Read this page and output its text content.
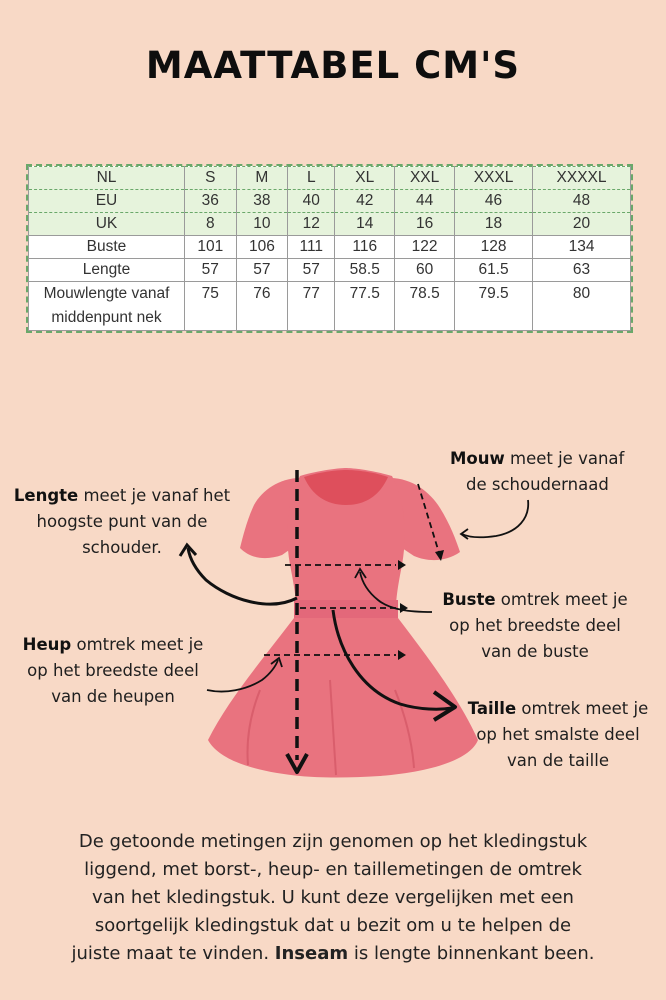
MAATTABEL CM'S
NL	S	M	L	XL	XXL	XXXL	XXXXL
EU	36	38	40	42	44	46	48
UK	8	10	12	14	16	18	20
Buste	101	106	111	116	122	128	134
Lengte	57	57	57	58.5	60	61.5	63

Mouwlengte vanaf
middenpunt nek	75	76	77	77.5	78.5	79.5	80
Mouw meet je vanaf
de schoudernaad
Lengte meet je vanaf het
hoogste punt van de
schouder.
Buste omtrek meet je
op het breedste deel
van de buste
Heup omtrek meet je
op het breedste deel
van de heupen
Taille omtrek meet je
op het smalste deel
van de taille
De getoonde metingen zijn genomen op het kledingstuk
liggend, met borst-, heup- en taillemetingen de omtrek
van het kledingstuk. U kunt deze vergelijken met een
soortgelijk kledingstuk dat u bezit om u te helpen de
juiste maat te vinden. Inseam is lengte binnenkant been.
